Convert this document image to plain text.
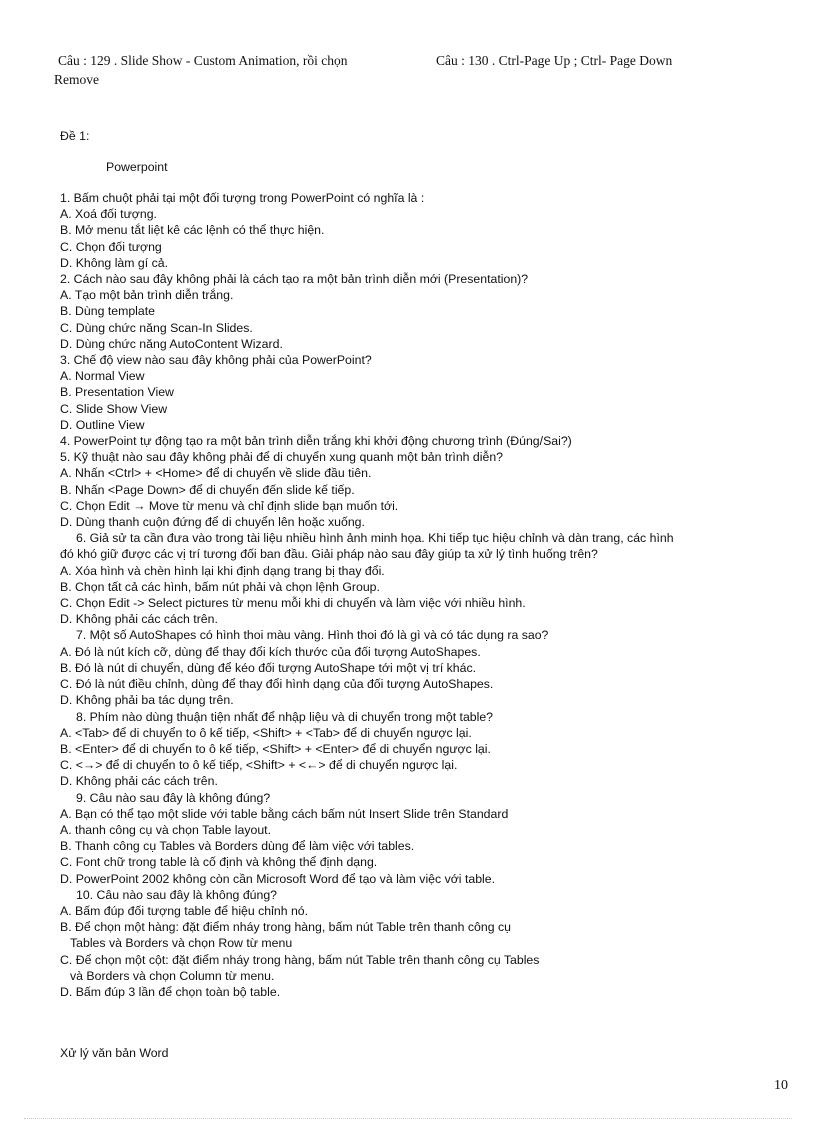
Câu : 129 . Slide Show - Custom Animation, rồi chọn
Remove
Câu : 130 . Ctrl-Page Up ; Ctrl- Page Down
Đề 1:
Powerpoint
1. Bấm chuột phải tại một đối tượng trong PowerPoint có nghĩa là :
A. Xoá đối tượng.
B. Mở menu tắt liệt kê các lệnh có thể thực hiện.
C. Chọn đối tượng
D. Không làm gí cả.
2. Cách nào sau đây không phải là cách tạo ra một bản trình diễn mới (Presentation)?
A. Tạo một bản trình diễn trắng.
B. Dùng template
C. Dùng chức năng Scan-In Slides.
D. Dùng chức năng AutoContent Wizard.
3. Chế độ view nào sau đây không phải của PowerPoint?
A. Normal View
B. Presentation View
C. Slide Show View
D. Outline View
4. PowerPoint tự động tạo ra một bản trình diễn trắng khi khởi động chương trình (Đúng/Sai?)
5. Kỹ thuật nào sau đây không phải để di chuyển xung quanh một bản trình diễn?
A. Nhấn <Ctrl> + <Home> để di chuyển về slide đầu tiên.
B. Nhấn <Page Down> để di chuyển đến slide kế tiếp.
C. Chọn Edit → Move từ menu và chỉ định slide bạn muốn tới.
D. Dùng thanh cuộn đứng để di chuyển lên hoặc xuống.
6. Giả sử ta cần đưa vào trong tài liệu nhiều hình ảnh minh họa. Khi tiếp tục hiệu chỉnh và dàn trang, các hình
đó khó giữ được các vị trí tương đối ban đầu. Giải pháp nào sau đây giúp ta xử lý tình huống trên?
A. Xóa hình và chèn hình lại khi định dạng trang bị thay đổi.
B. Chọn tất cả các hình, bấm nút phải và chọn lệnh Group.
C. Chọn Edit -> Select pictures từ menu mỗi khi di chuyển và làm việc với nhiều hình.
D. Không phải các cách trên.
7. Một số AutoShapes có hình thoi màu vàng. Hình thoi đó là gì và có tác dụng ra sao?
A. Đó là nút kích cỡ, dùng để thay đổi kích thước của đối tượng AutoShapes.
B. Đó là nút di chuyển, dùng để kéo đối tượng AutoShape tới một vị trí khác.
C. Đó là nút điều chỉnh, dùng để thay đổi hình dạng của đối tượng AutoShapes.
D. Không phải ba tác dụng trên.
8. Phím nào dùng thuận tiện nhất để nhập liệu và di chuyển trong một table?
A. <Tab> để di chuyển to ô kế tiếp, <Shift> + <Tab> để di chuyển ngược lại.
B. <Enter> để di chuyển to ô kế tiếp, <Shift> + <Enter> để di chuyển ngược lại.
C. <→> để di chuyển to ô kế tiếp, <Shift> + <←> để di chuyển ngược lại.
D. Không phải các cách trên.
9. Câu nào sau đây là không đúng?
A. Bạn có thể tạo một slide với table bằng cách bấm nút Insert Slide trên Standard
A. thanh công cụ và chọn Table layout.
B. Thanh công cụ Tables và Borders dùng để làm việc với tables.
C. Font chữ trong table là cố định và không thể định dạng.
D. PowerPoint 2002 không còn cần Microsoft Word để tạo và làm việc với table.
10. Câu nào sau đây là không đúng?
A. Bấm đúp đối tượng table để hiệu chỉnh nó.
B. Để chọn một hàng: đặt điểm nháy trong hàng, bấm nút Table trên thanh công cụ
Tables và Borders và chọn Row từ menu
C. Để chọn một cột: đặt điểm nháy trong hàng, bấm nút Table trên thanh công cụ Tables
và Borders và chọn Column từ menu.
D. Bấm đúp 3 lần để chọn toàn bộ table.
Xử lý văn bản Word
10
